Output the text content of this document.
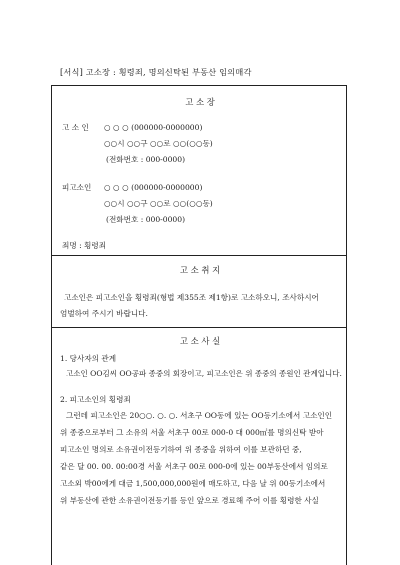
[서식] 고소장 : 횡령죄, 명의신탁된 부동산 임의매각
고 소 장
고 소 인 ○ ○ ○ (000000-0000000)
○○시 ○○구 ○○로 ○○(○○동)
(전화번호 : 000-0000)
피고소인 ○ ○ ○ (000000-0000000)
○○시 ○○구 ○○로 ○○(○○동)
(전화번호 : 000-0000)
죄명 : 횡령죄
고 소 취 지
고소인은 피고소인을 횡령죄(형법 제355조 제1항)로 고소하오니, 조사하시어
엄벌하여 주시기 바랍니다.
고 소 사 실
1. 당사자의 관계
고소인 OO김씨 OO공파 종중의 회장이고, 피고소인은 위 종중의 종원인 관계입니다.
2. 피고소인의 횡령죄
그런데 피고소인은 20○○. ○. ○. 서초구 OO동에 있는 OO등기소에서 고소인인
위 종중으로부터 그 소유의 서울 서초구 00로 000-0 대 000㎡를 명의신탁 받아
피고소인 명의로 소유권이전등기하여 위 종중을 위하여 이를 보관하던 중,
같은 달 00. 00. 00:00경 서울 서초구 00로 000-0에 있는 00부동산에서 임의로
고소외 박00에게 대금 1,500,000,000원에 매도하고, 다음 날 위 00등기소에서
위 부동산에 관한 소유권이전등기를 등인 앞으로 경료해 주어 이를 횡령한 사실
